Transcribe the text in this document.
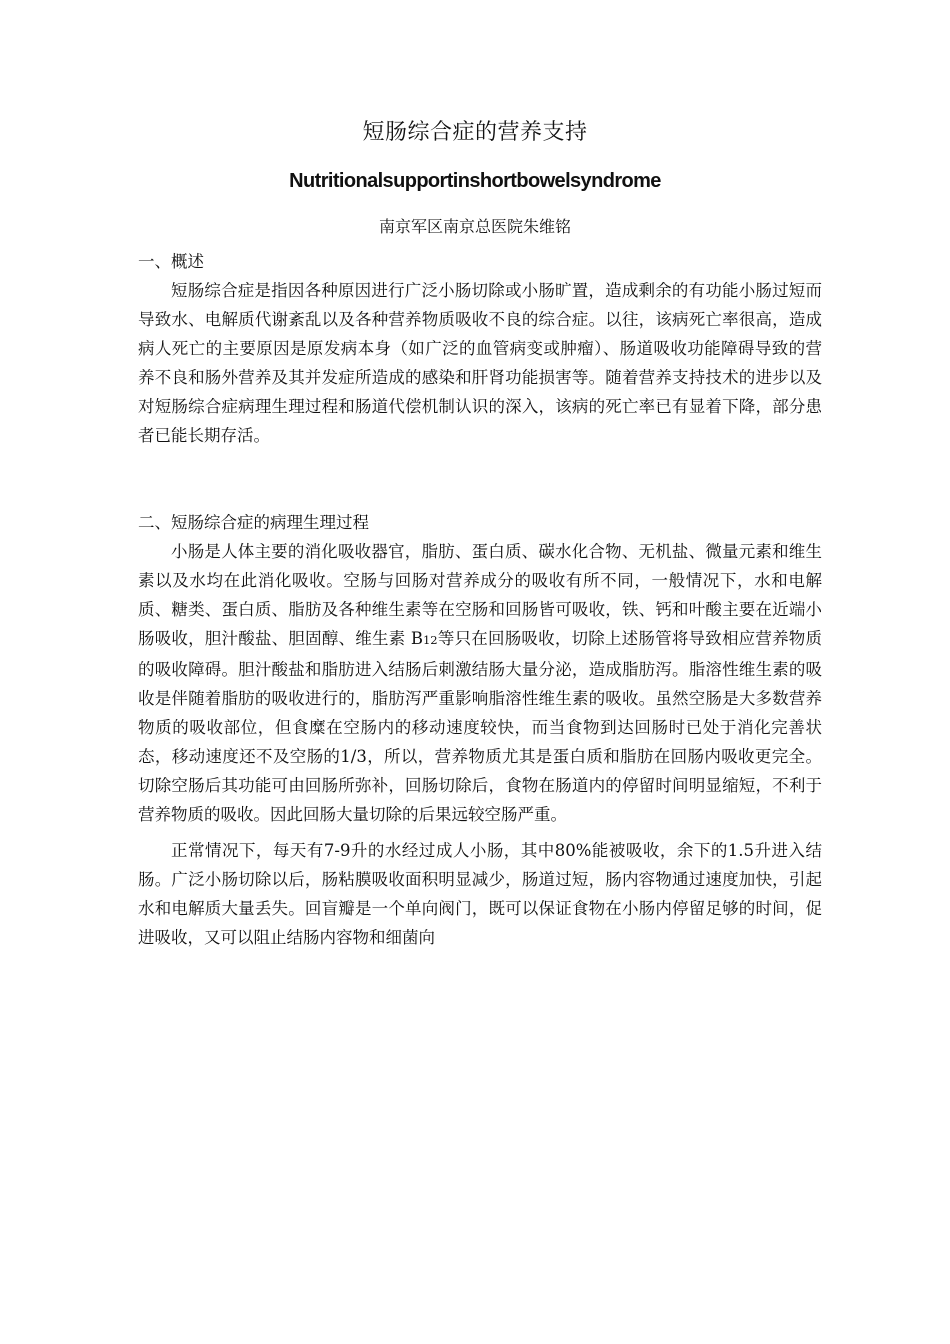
短肠综合症的营养支持
Nutritionalsupportinshortbowelsyndrome
南京军区南京总医院朱维铭
一、概述

短肠综合症是指因各种原因进行广泛小肠切除或小肠旷置，造成剩余的有功能小肠过短而导致水、电解质代谢紊乱以及各种营养物质吸收不良的综合症。以往，该病死亡率很高，造成病人死亡的主要原因是原发病本身（如广泛的血管病变或肿瘤）、肠道吸收功能障碍导致的营养不良和肠外营养及其并发症所造成的感染和肝肾功能损害等。随着营养支持技术的进步以及对短肠综合症病理生理过程和肠道代偿机制认识的深入，该病的死亡率已有显着下降，部分患者已能长期存活。

二、短肠综合症的病理生理过程

小肠是人体主要的消化吸收器官，脂肪、蛋白质、碳水化合物、无机盐、微量元素和维生素以及水均在此消化吸收。空肠与回肠对营养成分的吸收有所不同，一般情况下，水和电解质、糖类、蛋白质、脂肪及各种维生素等在空肠和回肠皆可吸收，铁、钙和叶酸主要在近端小肠吸收，胆汁酸盐、胆固醇、维生素 B12等只在回肠吸收，切除上述肠管将导致相应营养物质的吸收障碍。胆汁酸盐和脂肪进入结肠后刺激结肠大量分泌，造成脂肪泻。脂溶性维生素的吸收是伴随着脂肪的吸收进行的，脂肪泻严重影响脂溶性维生素的吸收。虽然空肠是大多数营养物质的吸收部位，但食糜在空肠内的移动速度较快，而当食物到达回肠时已处于消化完善状态，移动速度还不及空肠的1/3，所以，营养物质尤其是蛋白质和脂肪在回肠内吸收更完全。切除空肠后其功能可由回肠所弥补，回肠切除后，食物在肠道内的停留时间明显缩短，不利于营养物质的吸收。因此回肠大量切除的后果远较空肠严重。

正常情况下，每天有7-9升的水经过成人小肠，其中80%能被吸收，余下的1.5升进入结肠。广泛小肠切除以后，肠粘膜吸收面积明显减少，肠道过短，肠内容物通过速度加快，引起水和电解质大量丢失。回盲瓣是一个单向阀门，既可以保证食物在小肠内停留足够的时间，促进吸收，又可以阻止结肠内容物和细菌向
